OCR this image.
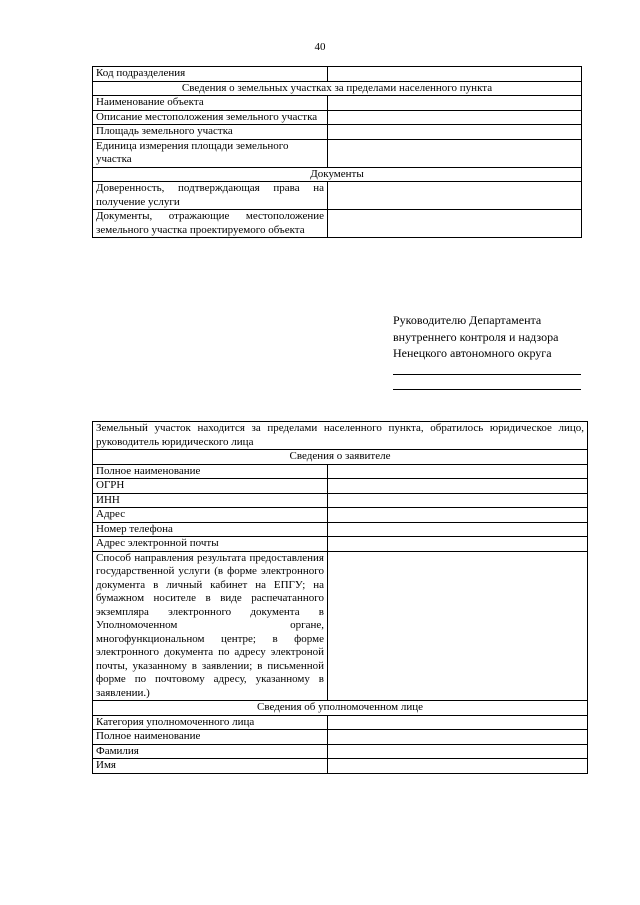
40
Код подразделения	
Сведения о земельных участках за пределами населенного пункта	
Наименование объекта	
Описание местоположения земельного участка	
Площадь земельного участка	
Единица измерения площади земельного участка	
Документы	
Доверенность, подтверждающая права на получение услуги	
Документы, отражающие местоположение земельного участка проектируемого объекта	
Руководителю Департамента
внутреннего контроля и надзора
Ненецкого автономного округа
Земельный участок находится за пределами населенного пункта, обратилось юридическое лицо, руководитель юридического лица	
Сведения о заявителе	
Полное наименование	
ОГРН	
ИНН	
Адрес	
Номер телефона	
Адрес электронной почты	
Способ направления результата предоставления государственной услуги (в форме электронного документа в личный кабинет на ЕПГУ; на бумажном носителе в виде распечатанного экземпляра электронного документа в Уполномоченном органе, многофункциональном центре; в форме электронного документа по адресу электроной почты, указанному в заявлении; в письменной форме по почтовому адресу, указанному в заявлении.)	
Сведения об уполномоченном лице	
Категория уполномоченного лица	
Полное наименование	
Фамилия	
Имя	
